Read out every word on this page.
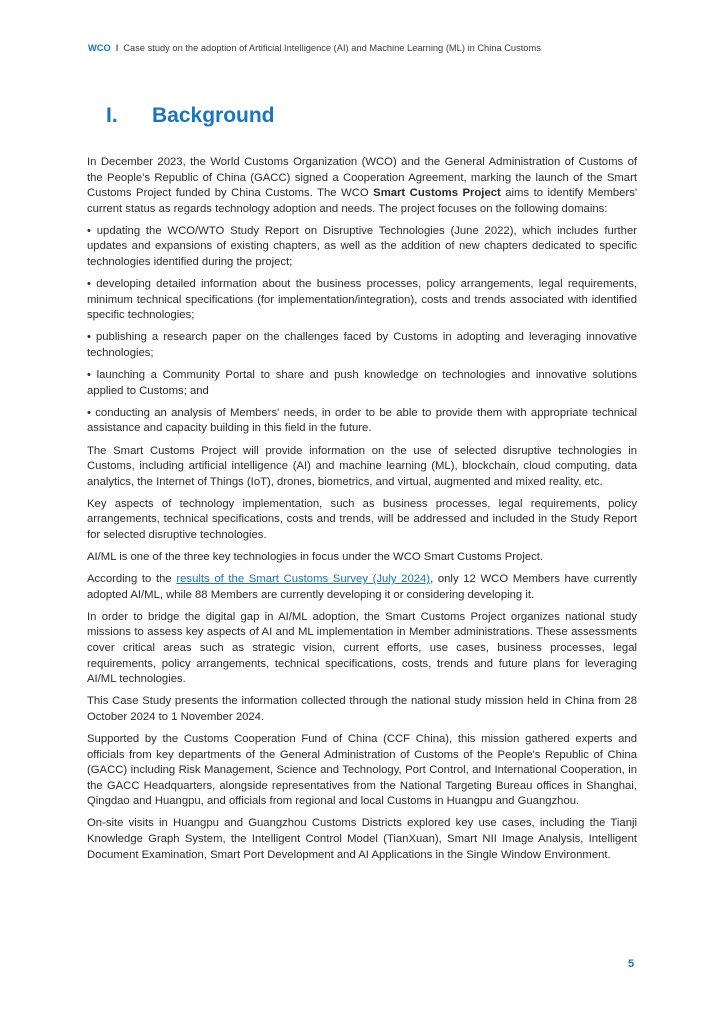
WCO I Case study on the adoption of Artificial Intelligence (AI) and Machine Learning (ML) in China Customs
I. Background

In December 2023, the World Customs Organization (WCO) and the General Administration of Customs of the People's Republic of China (GACC) signed a Cooperation Agreement, marking the launch of the Smart Customs Project funded by China Customs. The WCO Smart Customs Project aims to identify Members' current status as regards technology adoption and needs. The project focuses on the following domains:

• updating the WCO/WTO Study Report on Disruptive Technologies (June 2022), which includes further updates and expansions of existing chapters, as well as the addition of new chapters dedicated to specific technologies identified during the project;

• developing detailed information about the business processes, policy arrangements, legal requirements, minimum technical specifications (for implementation/integration), costs and trends associated with identified specific technologies;

• publishing a research paper on the challenges faced by Customs in adopting and leveraging innovative technologies;

• launching a Community Portal to share and push knowledge on technologies and innovative solutions applied to Customs; and

• conducting an analysis of Members' needs, in order to be able to provide them with appropriate technical assistance and capacity building in this field in the future.

The Smart Customs Project will provide information on the use of selected disruptive technologies in Customs, including artificial intelligence (AI) and machine learning (ML), blockchain, cloud computing, data analytics, the Internet of Things (IoT), drones, biometrics, and virtual, augmented and mixed reality, etc.

Key aspects of technology implementation, such as business processes, legal requirements, policy arrangements, technical specifications, costs and trends, will be addressed and included in the Study Report for selected disruptive technologies.

AI/ML is one of the three key technologies in focus under the WCO Smart Customs Project.

According to the results of the Smart Customs Survey (July 2024), only 12 WCO Members have currently adopted AI/ML, while 88 Members are currently developing it or considering developing it.

In order to bridge the digital gap in AI/ML adoption, the Smart Customs Project organizes national study missions to assess key aspects of AI and ML implementation in Member administrations. These assessments cover critical areas such as strategic vision, current efforts, use cases, business processes, legal requirements, policy arrangements, technical specifications, costs, trends and future plans for leveraging AI/ML technologies.

This Case Study presents the information collected through the national study mission held in China from 28 October 2024 to 1 November 2024.

Supported by the Customs Cooperation Fund of China (CCF China), this mission gathered experts and officials from key departments of the General Administration of Customs of the People's Republic of China (GACC) including Risk Management, Science and Technology, Port Control, and International Cooperation, in the GACC Headquarters, alongside representatives from the National Targeting Bureau offices in Shanghai, Qingdao and Huangpu, and officials from regional and local Customs in Huangpu and Guangzhou.

On-site visits in Huangpu and Guangzhou Customs Districts explored key use cases, including the Tianji Knowledge Graph System, the Intelligent Control Model (TianXuan), Smart NII Image Analysis, Intelligent Document Examination, Smart Port Development and AI Applications in the Single Window Environment.

5
